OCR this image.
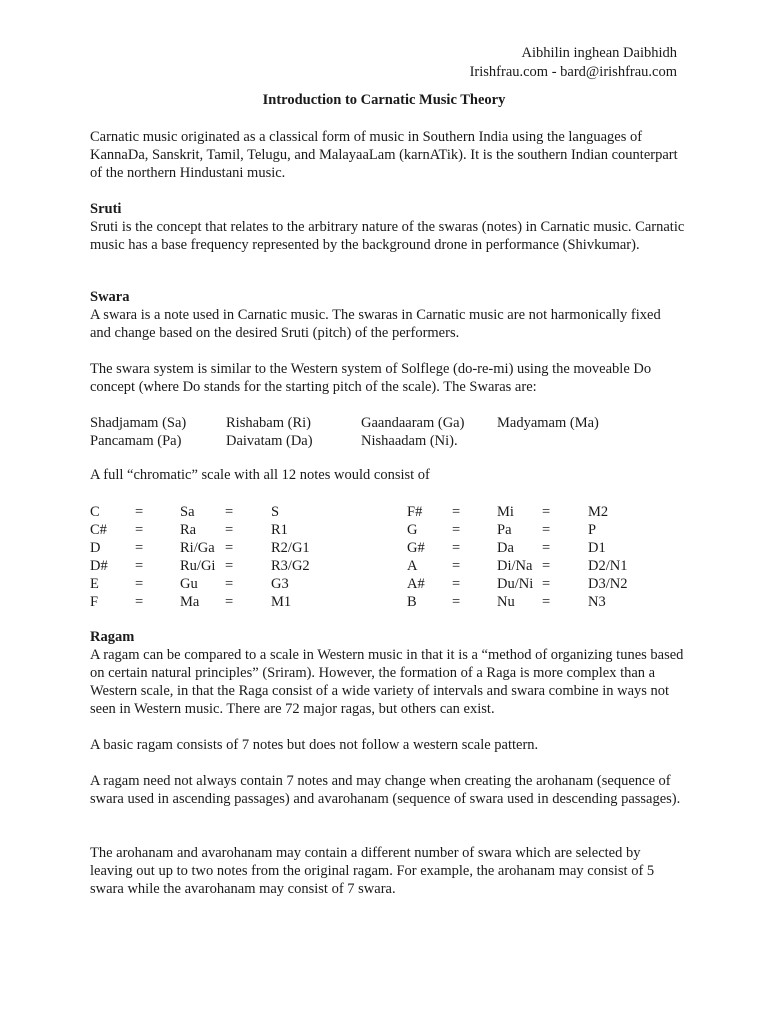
Aibhilin inghean Daibhidh
Irishfrau.com - bard@irishfrau.com
Introduction to Carnatic Music Theory
Carnatic music originated as a classical form of music in Southern India using the languages of KannaDa, Sanskrit, Tamil, Telugu, and MalayaaLam (karnATik). It is the southern Indian counterpart of the northern Hindustani music.
Sruti
Sruti is the concept that relates to the arbitrary nature of the swaras (notes) in Carnatic music. Carnatic music has a base frequency represented by the background drone in performance (Shivkumar).
Swara
A swara is a note used in Carnatic music. The swaras in Carnatic music are not harmonically fixed and change based on the desired Sruti (pitch) of the performers.
The swara system is similar to the Western system of Solflege (do-re-mi) using the moveable Do concept (where Do stands for the starting pitch of the scale). The Swaras are:
Shadjamam (Sa)	Rishabam (Ri)	Gaandaaram (Ga) Madyamam (Ma)
Pancamam (Pa)	Daivatam (Da)	Nishaadam (Ni).
A full “chromatic” scale with all 12 notes would consist of
C =	Sa =	S
C# =	Ra =	R1
D =	Ri/Ga =	R2/G1
D# =	Ru/Gi =	R3/G2
E =	Gu =	G3
F	=	Ma =	M1
F# =	Mi =	M2
G =	Pa =	P
G# =	Da =	D1
A =	Di/Na =	D2/N1
A# =	Du/Ni =	D3/N2
B =	Nu =	N3
Ragam
A ragam can be compared to a scale in Western music in that it is a “method of organizing tunes based on certain natural principles” (Sriram). However, the formation of a Raga is more complex than a Western scale, in that the Raga consist of a wide variety of intervals and swara combine in ways not seen in Western music. There are 72 major ragas, but others can exist.
A basic ragam consists of 7 notes but does not follow a western scale pattern.
A ragam need not always contain 7 notes and may change when creating the arohanam (sequence of swara used in ascending passages) and avarohanam (sequence of swara used in descending passages).
The arohanam and avarohanam may contain a different number of swara which are selected by leaving out up to two notes from the original ragam. For example, the arohanam may consist of 5 swara while the avarohanam may consist of 7 swara.
